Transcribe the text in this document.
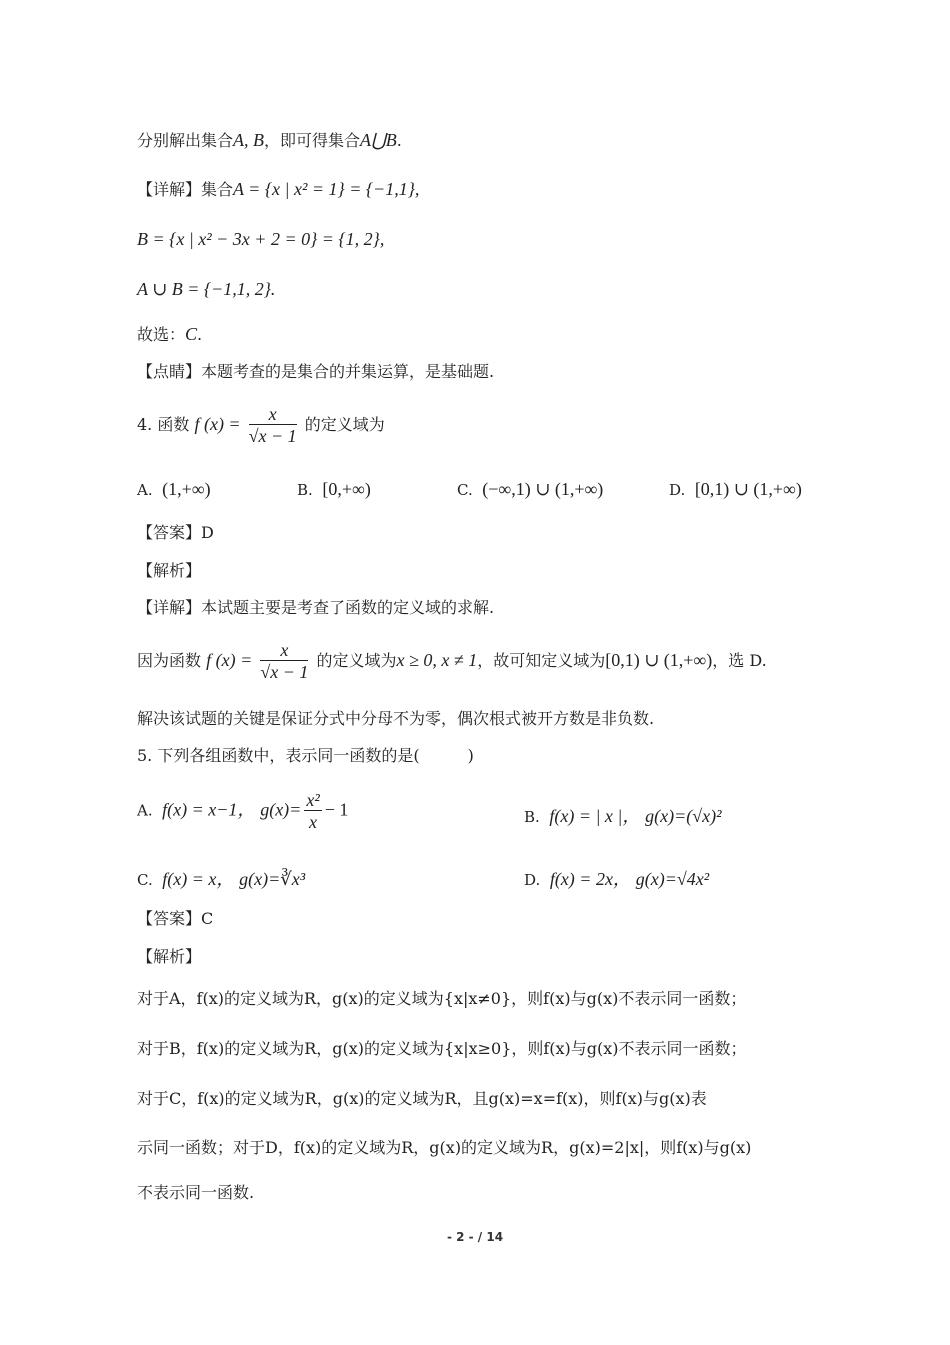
分别解出集合A, B，即可得集合A⋃B.
【详解】集合A = {x | x² = 1} = {−1,1},
B = {x | x² − 3x + 2 = 0} = {1, 2},
A ∪ B = {−1,1, 2}.
故选：C.
【点睛】本题考查的是集合的并集运算，是基础题.
4. 函数 f $(x) = \frac{x}{√x - 1}$ 的定义域为
A. (1,+∞)	B. [0,+∞)	C. (−∞,1) ∪ (1,+∞)	D. [0,1) ∪ (1,+∞)
【答案】D
【解析】
【详解】本试题主要是考查了函数的定义域的求解.
因为函数 f $(x) = \frac{x}{√x - 1}$ 的定义域为x ≥ 0, x ≠ 1，故可知定义域为[0,1) ∪ (1,+∞)，选 D.
解决该试题的关键是保证分式中分母不为零，偶次根式被开方数是非负数.
5. 下列各组函数中，表示同一函数的是(　　　)
A. f(x) = x−1， $g(x)= \frac{\text{x²}}{x} - 1$	B. f(x) = | x |， g(x)=(√x)²
C. f(x) = x， g(x)=∛x³	D. f(x) = 2x， g(x)=√4x²
【答案】C
【解析】
对于A，f(x)的定义域为R，g(x)的定义域为{x|x≠0}，则f(x)与g(x)不表示同一函数；
对于B，f(x)的定义域为R，g(x)的定义域为{x|x≥0}，则f(x)与g(x)不表示同一函数；
对于C，f(x)的定义域为R，g(x)的定义域为R，且g(x)=x=f(x)，则f(x)与g(x)表
示同一函数；对于D，f(x)的定义域为R，g(x)的定义域为R，g(x)=2|x|，则f(x)与g(x)
不表示同一函数.
- 2 - / 14
